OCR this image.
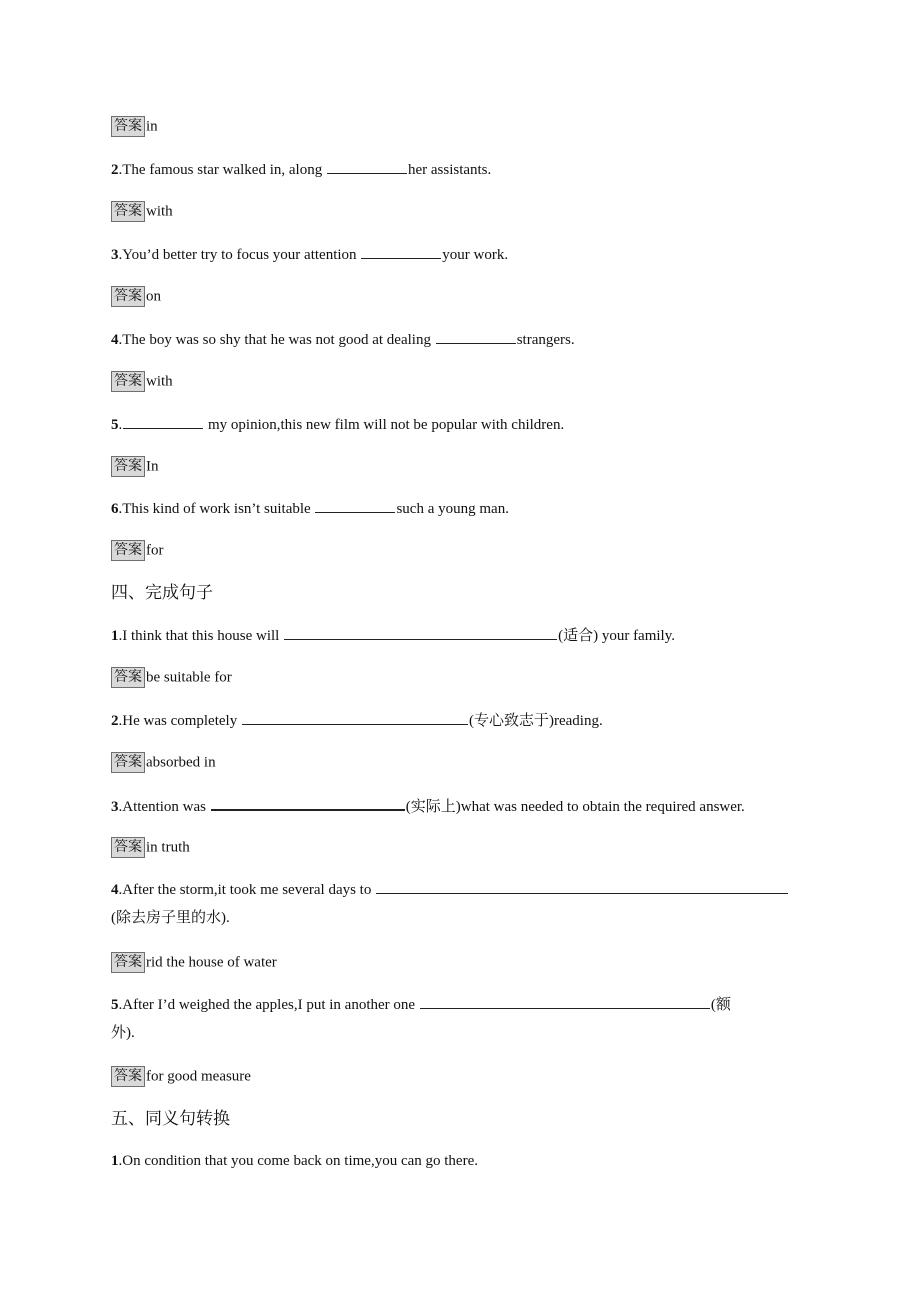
答案 in
2.The famous star walked in, along	her assistants.
答案 with
3.You’d better try to focus your attention	your work.
答案 on
4.The boy was so shy that he was not good at dealing	strangers.
答案 with
5.	my opinion,this new film will not be popular with children.
答案 In
6.This kind of work isn’t suitable	such a young man.
答案 for
四、完成句子
1.I think that this house will	(适合) your family.
答案 be suitable for
2.He was completely	(专心致志于)reading.
答案 absorbed in
3.Attention was	(实际上)what was needed to obtain the required answer.
答案 in truth
4.After the storm,it took me several days to
(除去房子里的水).
答案 rid the house of water
5.After I’d weighed the apples,I put in another one	(额
外).
答案 for good measure
五、同义句转换
1.On condition that you come back on time,you can go there.
